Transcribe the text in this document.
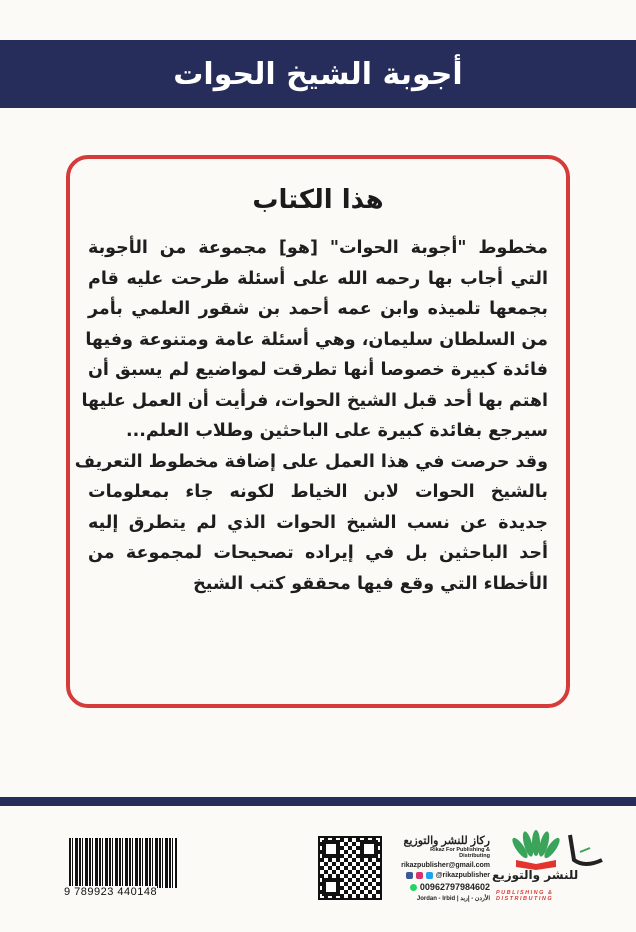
أجوبة الشيخ الحوات
هذا الكتاب
مخطوط "أجوبة الحوات" [هو] مجموعة من الأجوبة
التي أجاب بها رحمه الله على أسئلة طرحت عليه قام
بجمعها تلميذه وابن عمه أحمد بن شقور العلمي بأمر
من السلطان سليمان، وهي أسئلة عامة ومتنوعة وفيها
فائدة كبيرة خصوصا أنها تطرقت لمواضيع لم يسبق أن
اهتم بها أحد قبل الشيخ الحوات، فرأيت أن العمل عليها
سيرجع بفائدة كبيرة على الباحثين وطلاب العلم...
وقد حرصت في هذا العمل على إضافة مخطوط التعريف
بالشيخ الحوات لابن الخياط لكونه جاء بمعلومات
جديدة عن نسب الشيخ الحوات الذي لم يتطرق إليه
أحد الباحثين بل في إيراده تصحيحات لمجموعة من
الأخطاء التي وقع فيها محققو كتب الشيخ
9 789923 440148
ركاز للنشر والتوزيع
Rikaz For Publishing & Distributing
rikazpublisher@gmail.com
@rikazpublisher
00962797984602
Jordan - Irbid | الأردن - إربد
للنشر والتوزيع
PUBLISHING & DISTRIBUTING
